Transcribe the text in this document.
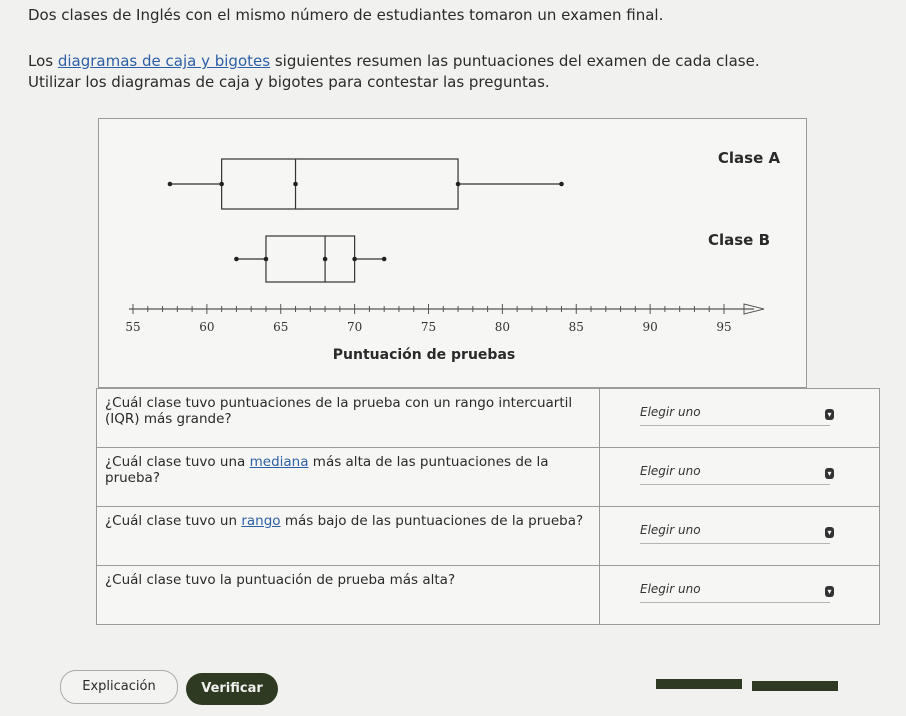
Dos clases de Inglés con el mismo número de estudiantes tomaron un examen final.

Los diagramas de caja y bigotes siguientes resumen las puntuaciones del examen de cada clase.

Utilizar los diagramas de caja y bigotes para contestar las preguntas.

55	60	65	70	75	80	85	90	95
Puntuación de pruebas
Clase A
Clase B
¿Cuál clase tuvo puntuaciones de la prueba con un rango intercuartil (IQR) más grande?	Elegir uno ▾

¿Cuál clase tuvo una mediana más alta de las puntuaciones de la prueba?	Elegir uno ▾

¿Cuál clase tuvo un rango más bajo de las puntuaciones de la prueba?	Elegir uno ▾

¿Cuál clase tuvo la puntuación de prueba más alta?	Elegir uno ▾
Explicación	Verificar
